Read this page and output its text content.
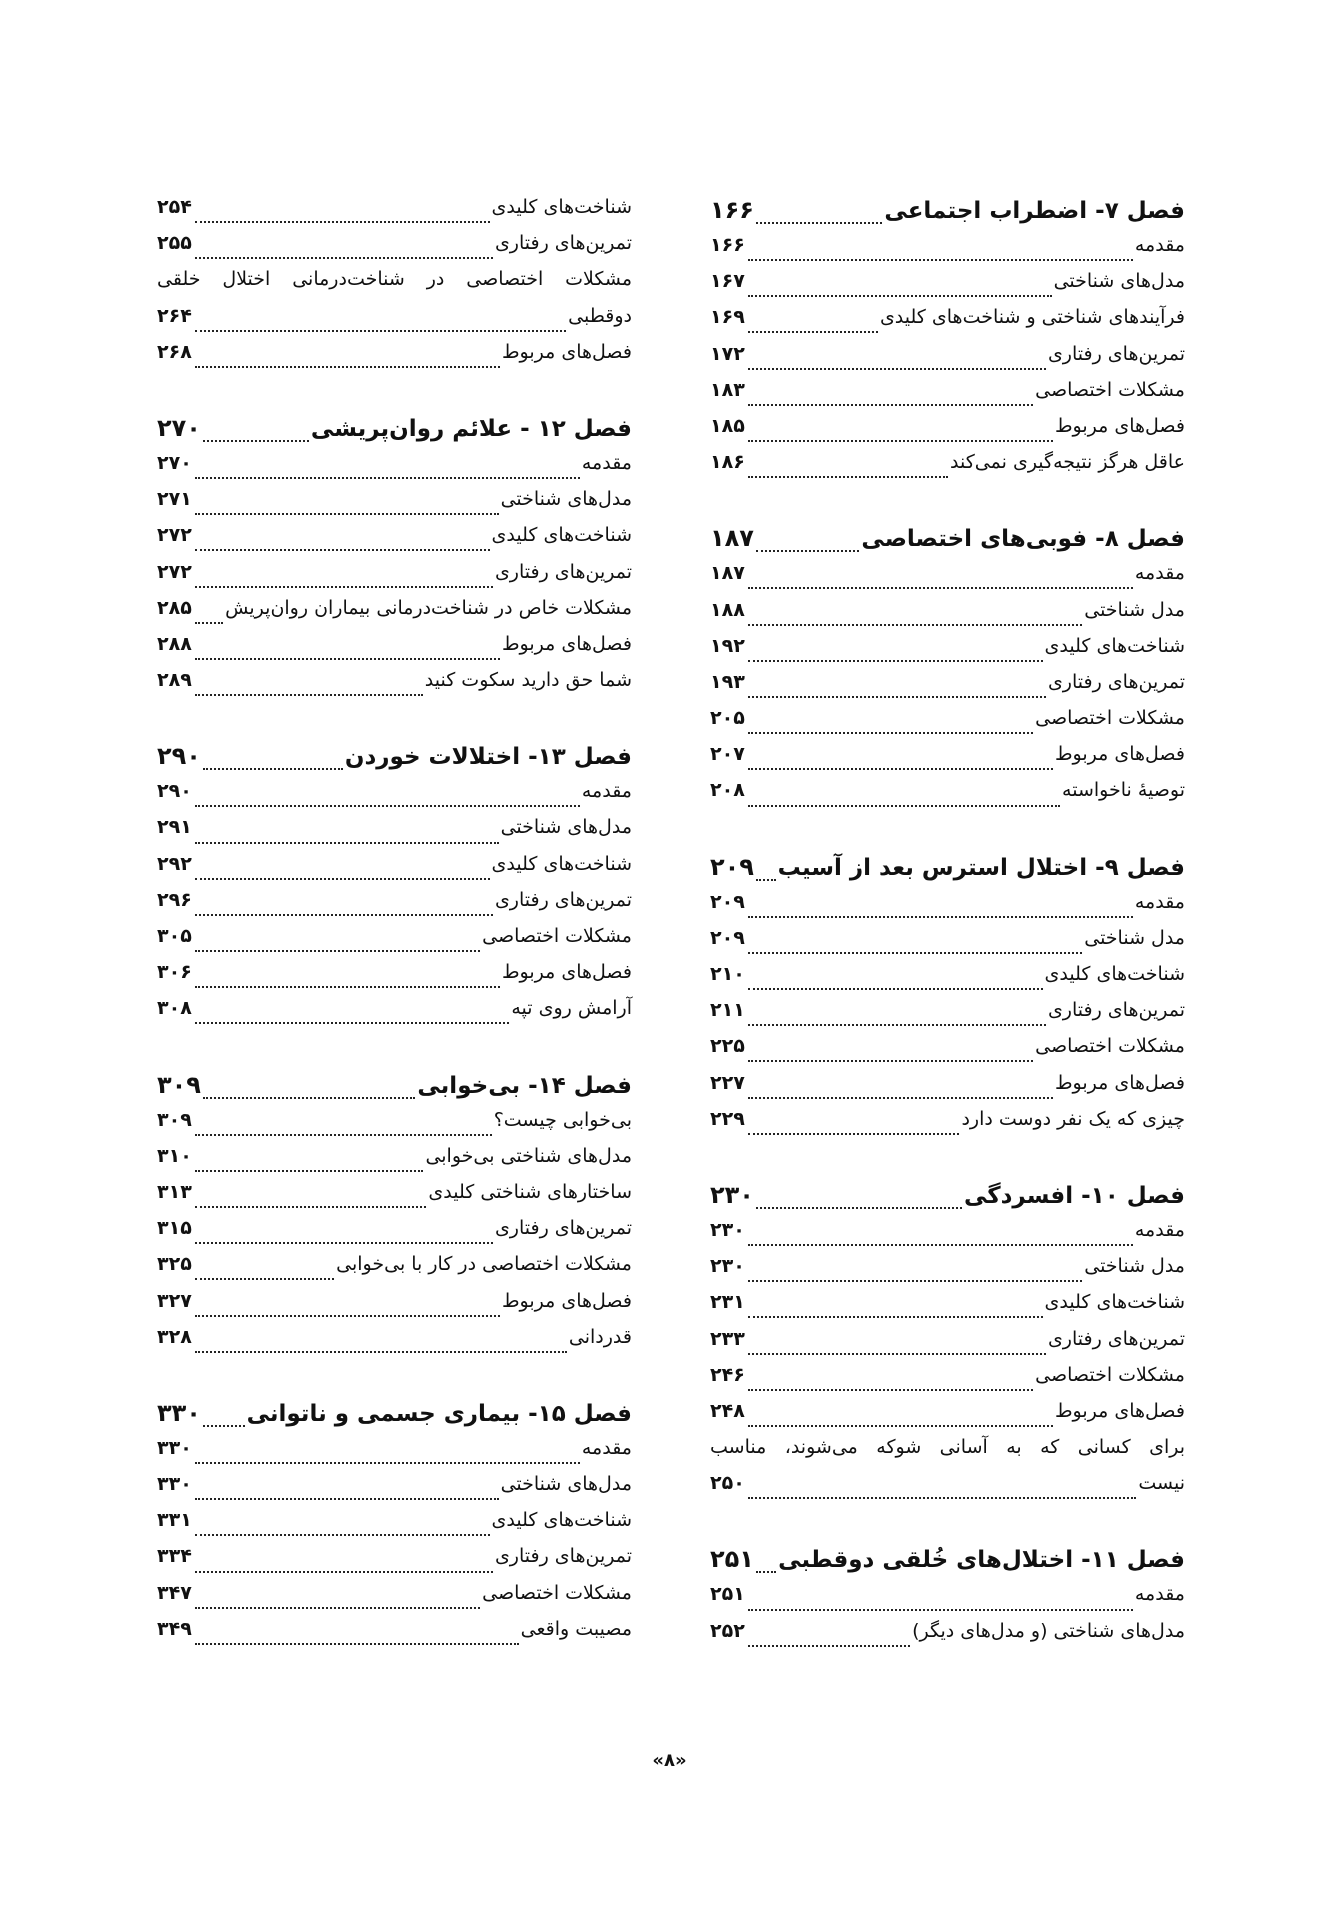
فصل ۷- اضطراب اجتماعی
۱۶۶
مقدمه
۱۶۶
مدل‌های شناختی
۱۶۷
فرآیندهای شناختی و شناخت‌های کلیدی
۱۶۹
تمرین‌های رفتاری
۱۷۲
مشکلات اختصاصی
۱۸۳
فصل‌های مربوط
۱۸۵
عاقل هرگز نتیجه‌گیری نمی‌کند
۱۸۶
فصل ۸- فوبی‌های اختصاصی
۱۸۷
مقدمه
۱۸۷
مدل شناختی
۱۸۸
شناخت‌های کلیدی
۱۹۲
تمرین‌های رفتاری
۱۹۳
مشکلات اختصاصی
۲۰۵
فصل‌های مربوط
۲۰۷
توصیهٔ ناخواسته
۲۰۸
فصل ۹- اختلال استرس بعد از آسیب
۲۰۹
مقدمه
۲۰۹
مدل شناختی
۲۰۹
شناخت‌های کلیدی
۲۱۰
تمرین‌های رفتاری
۲۱۱
مشکلات اختصاصی
۲۲۵
فصل‌های مربوط
۲۲۷
چیزی که یک نفر دوست دارد
۲۲۹
فصل ۱۰- افسردگی
۲۳۰
مقدمه
۲۳۰
مدل شناختی
۲۳۰
شناخت‌های کلیدی
۲۳۱
تمرین‌های رفتاری
۲۳۳
مشکلات اختصاصی
۲۴۶
فصل‌های مربوط
۲۴۸
برای کسانی که به آسانی شوکه می‌شوند، مناسب
نیست
۲۵۰
فصل ۱۱- اختلال‌های خُلقی دوقطبی
۲۵۱
مقدمه
۲۵۱
مدل‌های شناختی (و مدل‌های دیگر)
۲۵۲
شناخت‌های کلیدی
۲۵۴
تمرین‌های رفتاری
۲۵۵
مشکلات اختصاصی در شناخت‌درمانی اختلال خلقی
دوقطبی
۲۶۴
فصل‌های مربوط
۲۶۸
فصل ۱۲ - علائم روان‌پریشی
۲۷۰
مقدمه
۲۷۰
مدل‌های شناختی
۲۷۱
شناخت‌های کلیدی
۲۷۲
تمرین‌های رفتاری
۲۷۲
مشکلات خاص در شناخت‌درمانی بیماران روان‌پریش
۲۸۵
فصل‌های مربوط
۲۸۸
شما حق دارید سکوت کنید
۲۸۹
فصل ۱۳- اختلالات خوردن
۲۹۰
مقدمه
۲۹۰
مدل‌های شناختی
۲۹۱
شناخت‌های کلیدی
۲۹۲
تمرین‌های رفتاری
۲۹۶
مشکلات اختصاصی
۳۰۵
فصل‌های مربوط
۳۰۶
آرامش روی تپه
۳۰۸
فصل ۱۴- بی‌خوابی
۳۰۹
بی‌خوابی چیست؟
۳۰۹
مدل‌های شناختی بی‌خوابی
۳۱۰
ساختارهای شناختی کلیدی
۳۱۳
تمرین‌های رفتاری
۳۱۵
مشکلات اختصاصی در کار با بی‌خوابی
۳۲۵
فصل‌های مربوط
۳۲۷
قدردانی
۳۲۸
فصل ۱۵- بیماری جسمی و ناتوانی
۳۳۰
مقدمه
۳۳۰
مدل‌های شناختی
۳۳۰
شناخت‌های کلیدی
۳۳۱
تمرین‌های رفتاری
۳۳۴
مشکلات اختصاصی
۳۴۷
مصیبت واقعی
۳۴۹
«۸»
